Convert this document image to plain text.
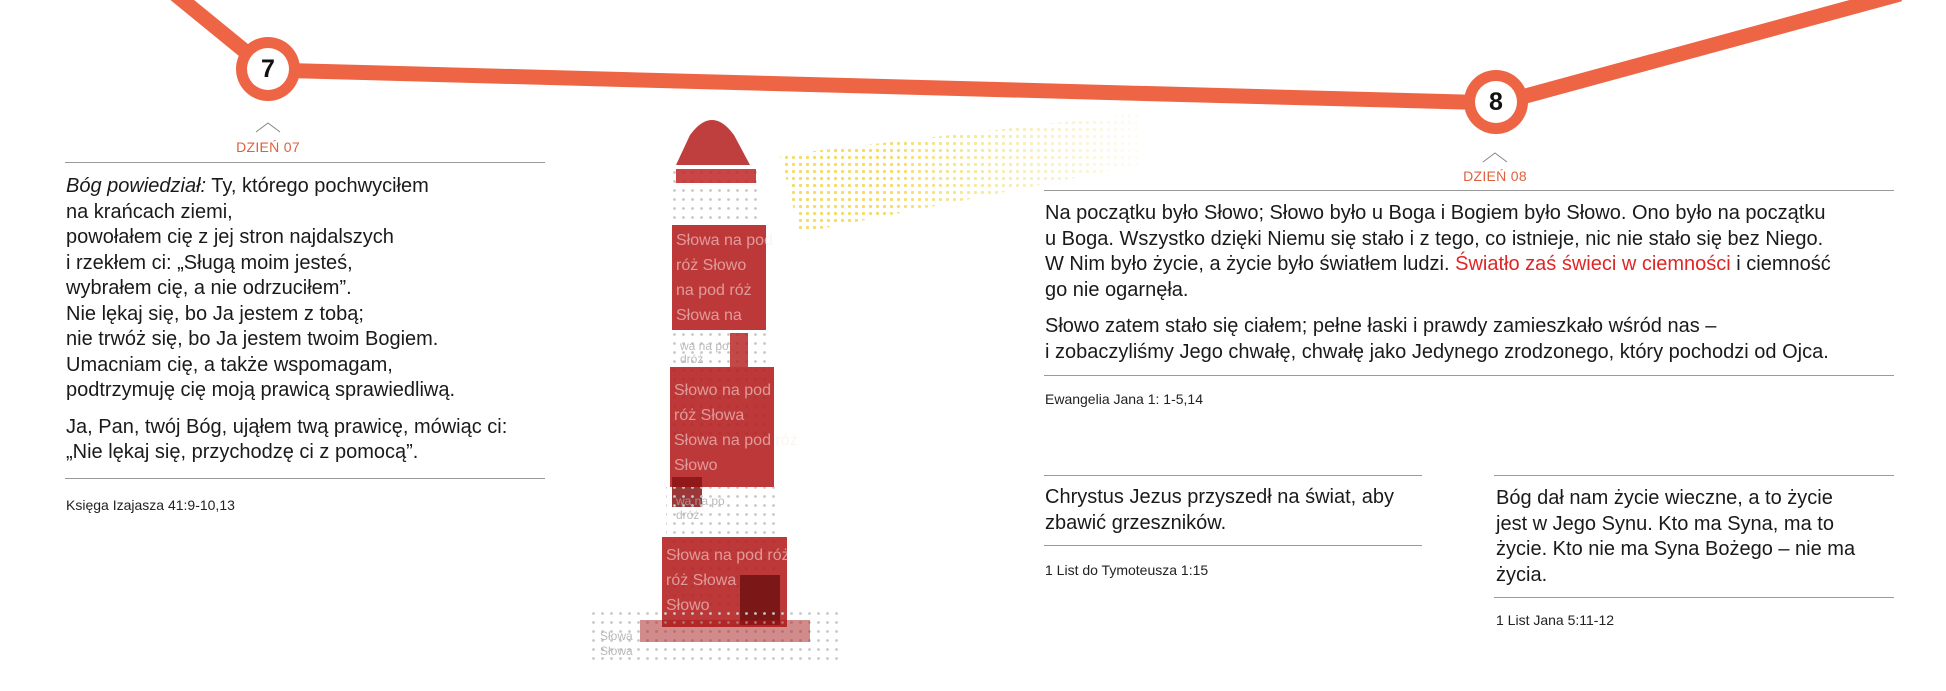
7
DZIEŃ 07

Bóg powiedział: Ty, którego pochwyciłem

na krańcach ziemi,

powołałem cię z jej stron najdalszych

i rzekłem ci: „Sługą moim jesteś,

wybrałem cię, a nie odrzuciłem”.

Nie lękaj się, bo Ja jestem z tobą;

nie trwóż się, bo Ja jestem twoim Bogiem.

Umacniam cię, a także wspomagam,

podtrzymuję cię moją prawicą sprawiedliwą.

Ja, Pan, twój Bóg, ująłem twą prawicę, mówiąc ci:

„Nie lękaj się, przychodzę ci z pomocą”.

Księga Izajasza 41:9-10,13
Słowa na pod
róż Słowo
na pod róż
Słowa na
Słowo na pod
róż Słowa
Słowa na pod róż
Słowo
Słowa na pod róż
róż Słowa
Słowo
wa na po
dróż
wa na po
dróż
Słowa
Słowa
8
DZIEŃ 08

Na początku było Słowo; Słowo było u Boga i Bogiem było Słowo. Ono było na początku

u Boga. Wszystko dzięki Niemu się stało i z tego, co istnieje, nic nie stało się bez Niego.

W Nim było życie, a życie było światłem ludzi. Światło zaś świeci w ciemności i ciemność

go nie ogarnęła.

Słowo zatem stało się ciałem; pełne łaski i prawdy zamieszkało wśród nas –

i zobaczyliśmy Jego chwałę, chwałę jako Jedynego zrodzonego, który pochodzi od Ojca.

Ewangelia Jana 1: 1-5,14

Chrystus Jezus przyszedł na świat, aby

zbawić grzeszników.

1 List do Tymoteusza 1:15

Bóg dał nam życie wieczne, a to życie

jest w Jego Synu. Kto ma Syna, ma to

życie. Kto nie ma Syna Bożego – nie ma

życia.

1 List Jana 5:11-12
